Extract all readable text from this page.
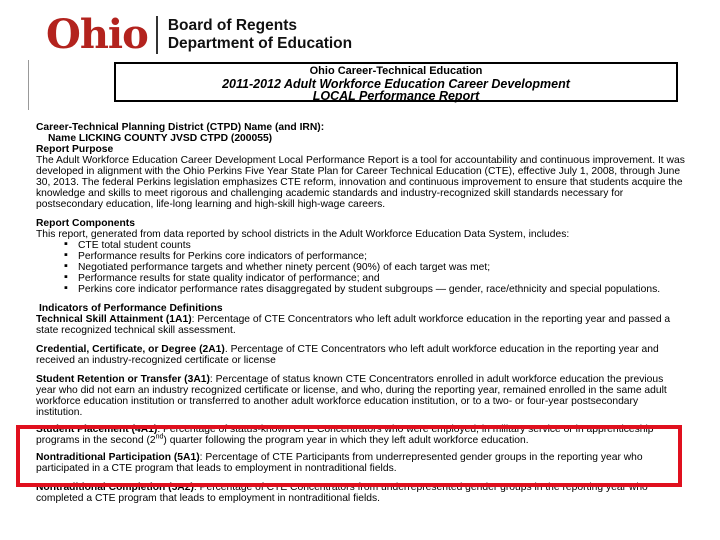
Ohio Board of Regents
Department of Education
Ohio Career-Technical Education
2011-2012 Adult Workforce Education Career Development
LOCAL Performance Report

Career-Technical Planning District (CTPD) Name (and IRN):

Name LICKING COUNTY JVSD CTPD (200055)

Report Purpose

The Adult Workforce Education Career Development Local Performance Report is a tool for accountability and continuous improvement. It was developed in alignment with the Ohio Perkins Five Year State Plan for Career Technical Education (CTE), effective July 1, 2008, through June 30, 2013. The federal Perkins legislation emphasizes CTE reform, innovation and continuous improvement to ensure that students acquire the knowledge and skills to meet rigorous and challenging academic standards and industry-recognized skill standards necessary for postsecondary education, life-long learning and high-skill high-wage careers.

Report Components

This report, generated from data reported by school districts in the Adult Workforce Education Data System, includes:

▪ CTE total student counts
▪ Performance results for Perkins core indicators of performance;
▪ Negotiated performance targets and whether ninety percent (90%) of each target was met;
▪ Performance results for state quality indicator of performance; and
▪ Perkins core indicator performance rates disaggregated by student subgroups — gender, race/ethnicity and special populations.

Indicators of Performance Definitions

Technical Skill Attainment (1A1): Percentage of CTE Concentrators who left adult workforce education in the reporting year and passed a state recognized technical skill assessment.

Credential, Certificate, or Degree (2A1). Percentage of CTE Concentrators who left adult workforce education in the reporting year and received an industry-recognized certificate or license

Student Retention or Transfer (3A1): Percentage of status known CTE Concentrators enrolled in adult workforce education the previous year who did not earn an industry recognized certificate or license, and who, during the reporting year, remained enrolled in the same adult workforce education institution or transferred to another adult workforce education institution, or to a two- or four-year postsecondary institution.

Student Placement (4A1): Percentage of status-known CTE Concentrators who were employed, in military service or in apprenticeship programs in the second (2nd) quarter following the program year in which they left adult workforce education.

Nontraditional Participation (5A1): Percentage of CTE Participants from underrepresented gender groups in the reporting year who participated in a CTE program that leads to employment in nontraditional fields.

Nontraditional Completion (5A2): Percentage of CTE Concentrators from underrepresented gender groups in the reporting year who completed a CTE program that leads to employment in nontraditional fields.
